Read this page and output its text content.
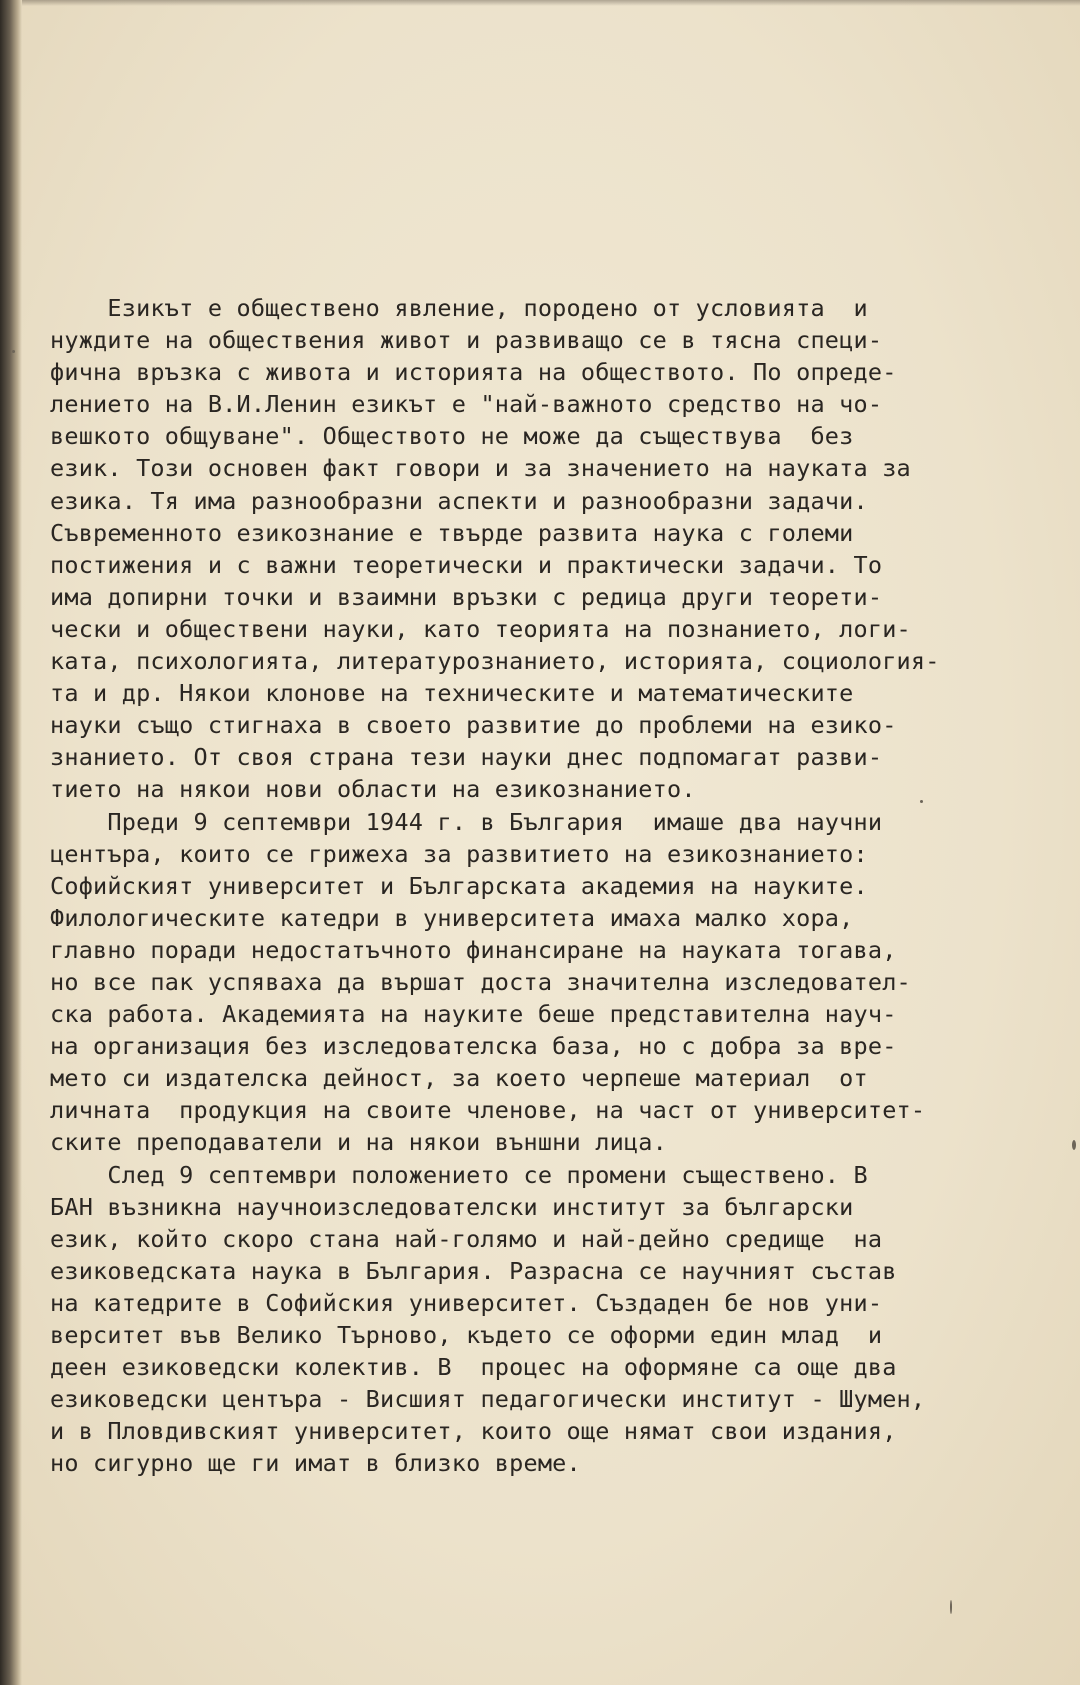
Езикът е обществено явление, породено от условията  и
нуждите на обществения живот и развиващо се в тясна специ-
фична връзка с живота и историята на обществото. По опреде-
лението на В.И.Ленин езикът е "най-важното средство на чо-
вешкото общуване". Обществото не може да съществува  без
език. Този основен факт говори и за значението на науката за
езика. Тя има разнообразни аспекти и разнообразни задачи.
Съвременното езикознание е твърде развита наука с големи
постижения и с важни теоретически и практически задачи. То
има допирни точки и взаимни връзки с редица други теорети-
чески и обществени науки, като теорията на познанието, логи-
ката, психологията, литературознанието, историята, социология-
та и др. Някои клонове на техническите и математическите
науки също стигнаха в своето развитие до проблеми на езико-
знанието. От своя страна тези науки днес подпомагат разви-
тието на някои нови области на езикознанието.
Преди 9 септември 1944 г. в България  имаше два научни
центъра, които се грижеха за развитието на езикознанието:
Софийският университет и Българската академия на науките.
Филологическите катедри в университета имаха малко хора,
главно поради недостатъчното финансиране на науката тогава,
но все пак успяваха да вършат доста значителна изследовател-
ска работа. Академията на науките беше представителна науч-
на организация без изследователска база, но с добра за вре-
мето си издателска дейност, за което черпеше материал  от
личната  продукция на своите членове, на част от университет-
ските преподаватели и на някои външни лица.
След 9 септември положението се промени съществено. В
БАН възникна научноизследователски институт за български
език, който скоро стана най-голямо и най-дейно средище  на
езиковедската наука в България. Разрасна се научният състав
на катедрите в Софийския университет. Създаден бе нов уни-
верситет във Велико Търново, където се оформи един млад  и
деен езиковедски колектив. В  процес на оформяне са още два
езиковедски центъра - Висшият педагогически институт - Шумен,
и в Пловдивският университет, които още нямат свои издания,
но сигурно ще ги имат в близко време.
